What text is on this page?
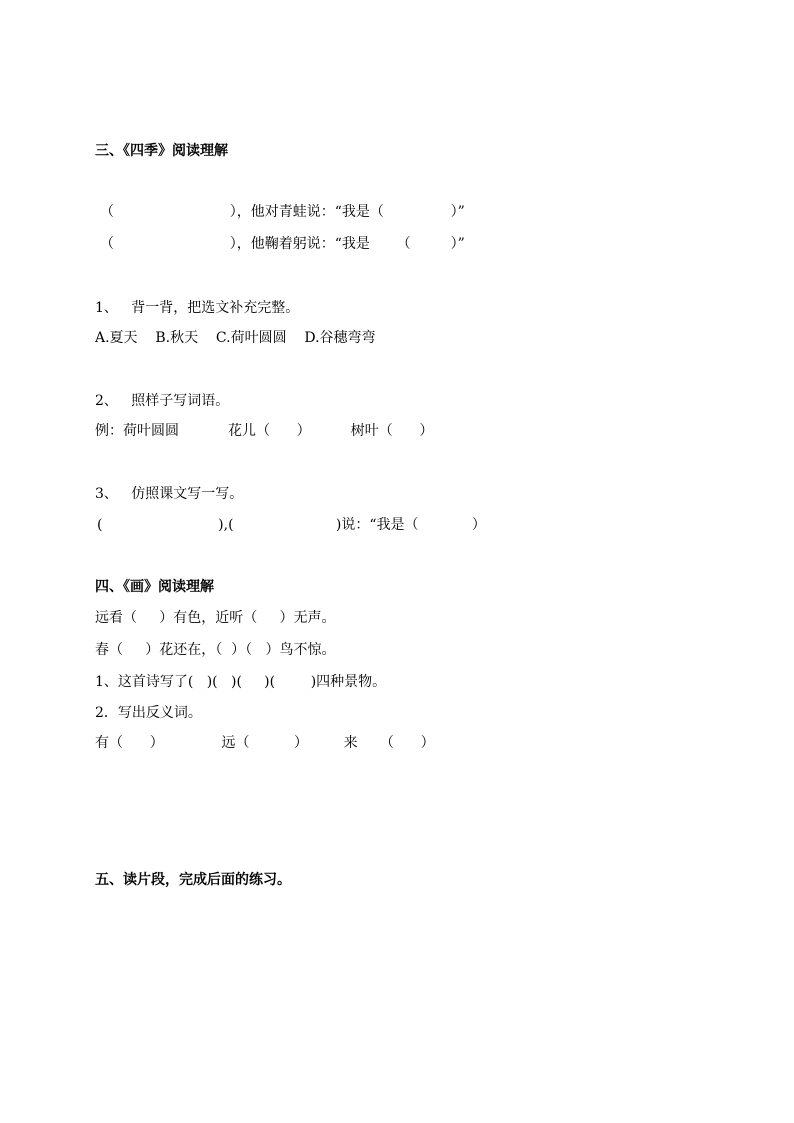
三、《四季》阅读理解
（                          ），他对青蛙说：“我是（               ）”
（                          ），他鞠着躬说：“我是      （         ）”
1、   背一背，把选文补充完整。
A.夏天    B.秋天    C.荷叶圆圆    D.谷穗弯弯
2、   照样子写词语。
例：荷叶圆圆           花儿（      ）         树叶（      ）
3、   仿照课文写一写。
(                          ),(                       )说：“我是（            ）
四、《画》阅读理解
远看（     ）有色，近听（     ）无声。
春（     ）花还在，（  ）（   ）鸟不惊。
1、这首诗写了(   )(   )(     )(        )四种景物。
2．写出反义词。
有（      ）             远（          ）        来     （      ）
五、读片段，完成后面的练习。
